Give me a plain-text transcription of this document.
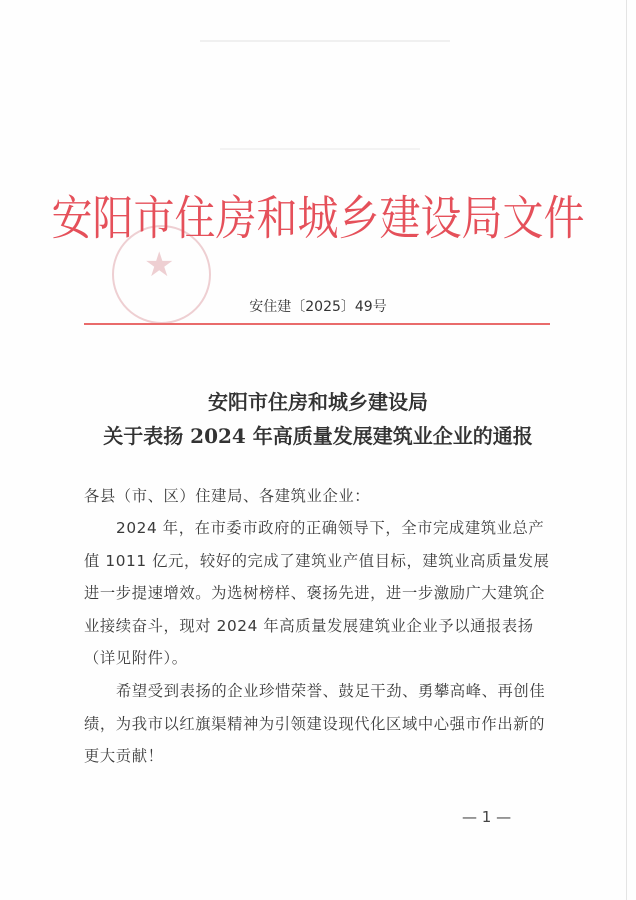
★
安阳市住房和城乡建设局文件
安住建〔2025〕49号
安阳市住房和城乡建设局
关于表扬 2024 年高质量发展建筑业企业的通报
各县（市、区）住建局、各建筑业企业：
2024 年，在市委市政府的正确领导下，全市完成建筑业总产值 1011 亿元，较好的完成了建筑业产值目标，建筑业高质量发展进一步提速增效。为选树榜样、褒扬先进，进一步激励广大建筑企业接续奋斗，现对 2024 年高质量发展建筑业企业予以通报表扬（详见附件）。
希望受到表扬的企业珍惜荣誉、鼓足干劲、勇攀高峰、再创佳绩，为我市以红旗渠精神为引领建设现代化区域中心强市作出新的更大贡献！
— 1 —
